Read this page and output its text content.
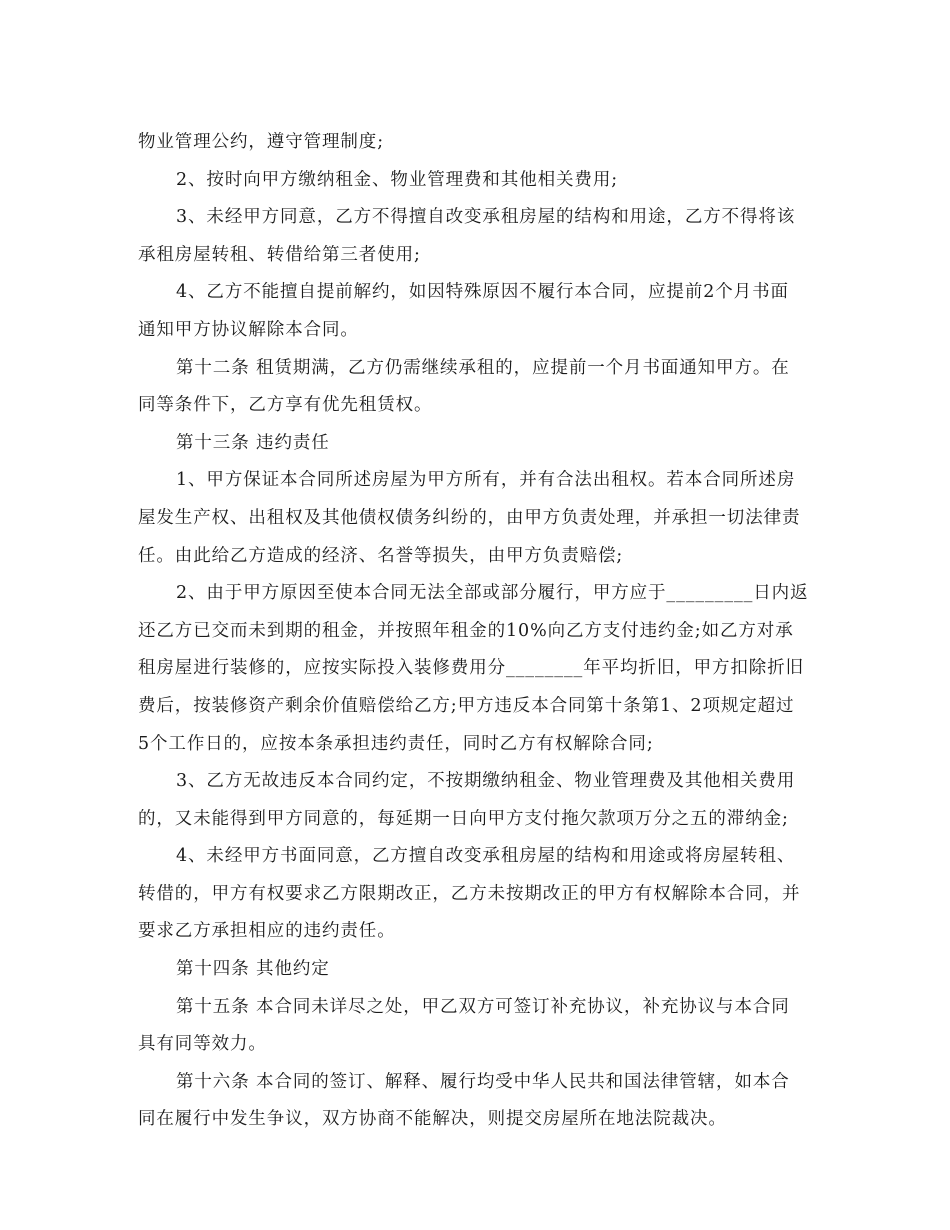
物业管理公约，遵守管理制度;
2、按时向甲方缴纳租金、物业管理费和其他相关费用;
3、未经甲方同意，乙方不得擅自改变承租房屋的结构和用途，乙方不得将该
承租房屋转租、转借给第三者使用;
4、乙方不能擅自提前解约，如因特殊原因不履行本合同，应提前2个月书面
通知甲方协议解除本合同。
第十二条 租赁期满，乙方仍需继续承租的，应提前一个月书面通知甲方。在
同等条件下，乙方享有优先租赁权。
第十三条 违约责任
1、甲方保证本合同所述房屋为甲方所有，并有合法出租权。若本合同所述房
屋发生产权、出租权及其他债权债务纠纷的，由甲方负责处理，并承担一切法律责
任。由此给乙方造成的经济、名誉等损失，由甲方负责赔偿;
2、由于甲方原因至使本合同无法全部或部分履行，甲方应于_________日内返
还乙方已交而未到期的租金，并按照年租金的10%向乙方支付违约金;如乙方对承
租房屋进行装修的，应按实际投入装修费用分________年平均折旧，甲方扣除折旧
费后，按装修资产剩余价值赔偿给乙方;甲方违反本合同第十条第1、2项规定超过
5个工作日的，应按本条承担违约责任，同时乙方有权解除合同;
3、乙方无故违反本合同约定，不按期缴纳租金、物业管理费及其他相关费用
的，又未能得到甲方同意的，每延期一日向甲方支付拖欠款项万分之五的滞纳金;
4、未经甲方书面同意，乙方擅自改变承租房屋的结构和用途或将房屋转租、
转借的，甲方有权要求乙方限期改正，乙方未按期改正的甲方有权解除本合同，并
要求乙方承担相应的违约责任。
第十四条 其他约定
第十五条 本合同未详尽之处，甲乙双方可签订补充协议，补充协议与本合同
具有同等效力。
第十六条 本合同的签订、解释、履行均受中华人民共和国法律管辖，如本合
同在履行中发生争议，双方协商不能解决，则提交房屋所在地法院裁决。
